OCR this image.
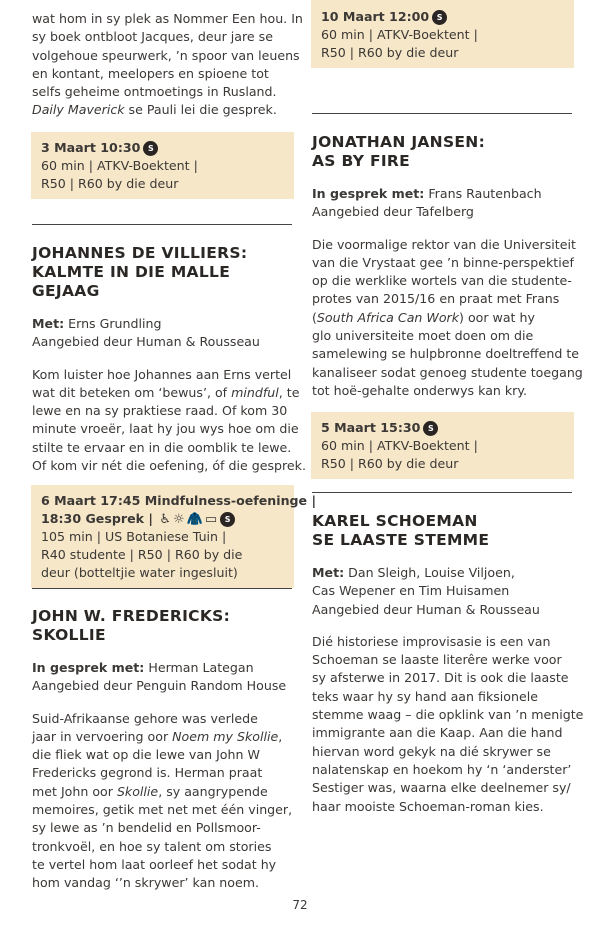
wat hom in sy plek as Nommer Een hou. In
sy boek ontbloot Jacques, deur jare se
volgehoue speurwerk, ’n spoor van leuens
en kontant, meelopers en spioene tot
selfs geheime ontmoetings in Rusland.
Daily Maverick se Pauli lei die gesprek.
3 Maart 10:30 S
60 min | ATKV-Boektent |
R50 | R60 by die deur
JOHANNES DE VILLIERS:
KALMTE IN DIE MALLE GEJAAG
Met: Erns Grundling
Aangebied deur Human & Rousseau
Kom luister hoe Johannes aan Erns vertel
wat dit beteken om ‘bewus’, of mindful, te
lewe en na sy praktiese raad. Of kom 30
minute vroeër, laat hy jou wys hoe om die
stilte te ervaar en in die oomblik te lewe.
Of kom vir nét die oefening, óf die gesprek.
6 Maart 17:45 Mindfulness-oefeninge |
18:30 Gesprek | ♿ ☼ 🧥 ▭ S
105 min | US Botaniese Tuin |
R40 studente | R50 | R60 by die
deur (botteltjie water ingesluit)
JOHN W. FREDERICKS:
SKOLLIE
In gesprek met: Herman Lategan
Aangebied deur Penguin Random House
Suid-Afrikaanse gehore was verlede
jaar in vervoering oor Noem my Skollie,
die fliek wat op die lewe van John W
Fredericks gegrond is. Herman praat
met John oor Skollie, sy aangrypende
memoires, getik met net met één vinger,
sy lewe as ’n bendelid en Pollsmoor-
tronkvoël, en hoe sy talent om stories
te vertel hom laat oorleef het sodat hy
hom vandag ‘’n skrywer’ kan noem.
10 Maart 12:00 S
60 min | ATKV-Boektent |
R50 | R60 by die deur
JONATHAN JANSEN:
AS BY FIRE
In gesprek met: Frans Rautenbach
Aangebied deur Tafelberg
Die voormalige rektor van die Universiteit
van die Vrystaat gee ’n binne-perspektief
op die werklike wortels van die studente-
protes van 2015/16 en praat met Frans
(South Africa Can Work) oor wat hy
glo universiteite moet doen om die
samelewing se hulpbronne doeltreffend te
kanaliseer sodat genoeg studente toegang
tot hoë-gehalte onderwys kan kry.
5 Maart 15:30 S
60 min | ATKV-Boektent |
R50 | R60 by die deur
KAREL SCHOEMAN
SE LAASTE STEMME
Met: Dan Sleigh, Louise Viljoen,
Cas Wepener en Tim Huisamen
Aangebied deur Human & Rousseau
Dié historiese improvisasie is een van
Schoeman se laaste literêre werke voor
sy afsterwe in 2017. Dit is ook die laaste
teks waar hy sy hand aan fiksionele
stemme waag – die opklink van ’n menigte
immigrante aan die Kaap. Aan die hand
hiervan word gekyk na dié skrywer se
nalatenskap en hoekom hy ‘n ‘anderster’
Sestiger was, waarna elke deelnemer sy/
haar mooiste Schoeman-roman kies.
72
